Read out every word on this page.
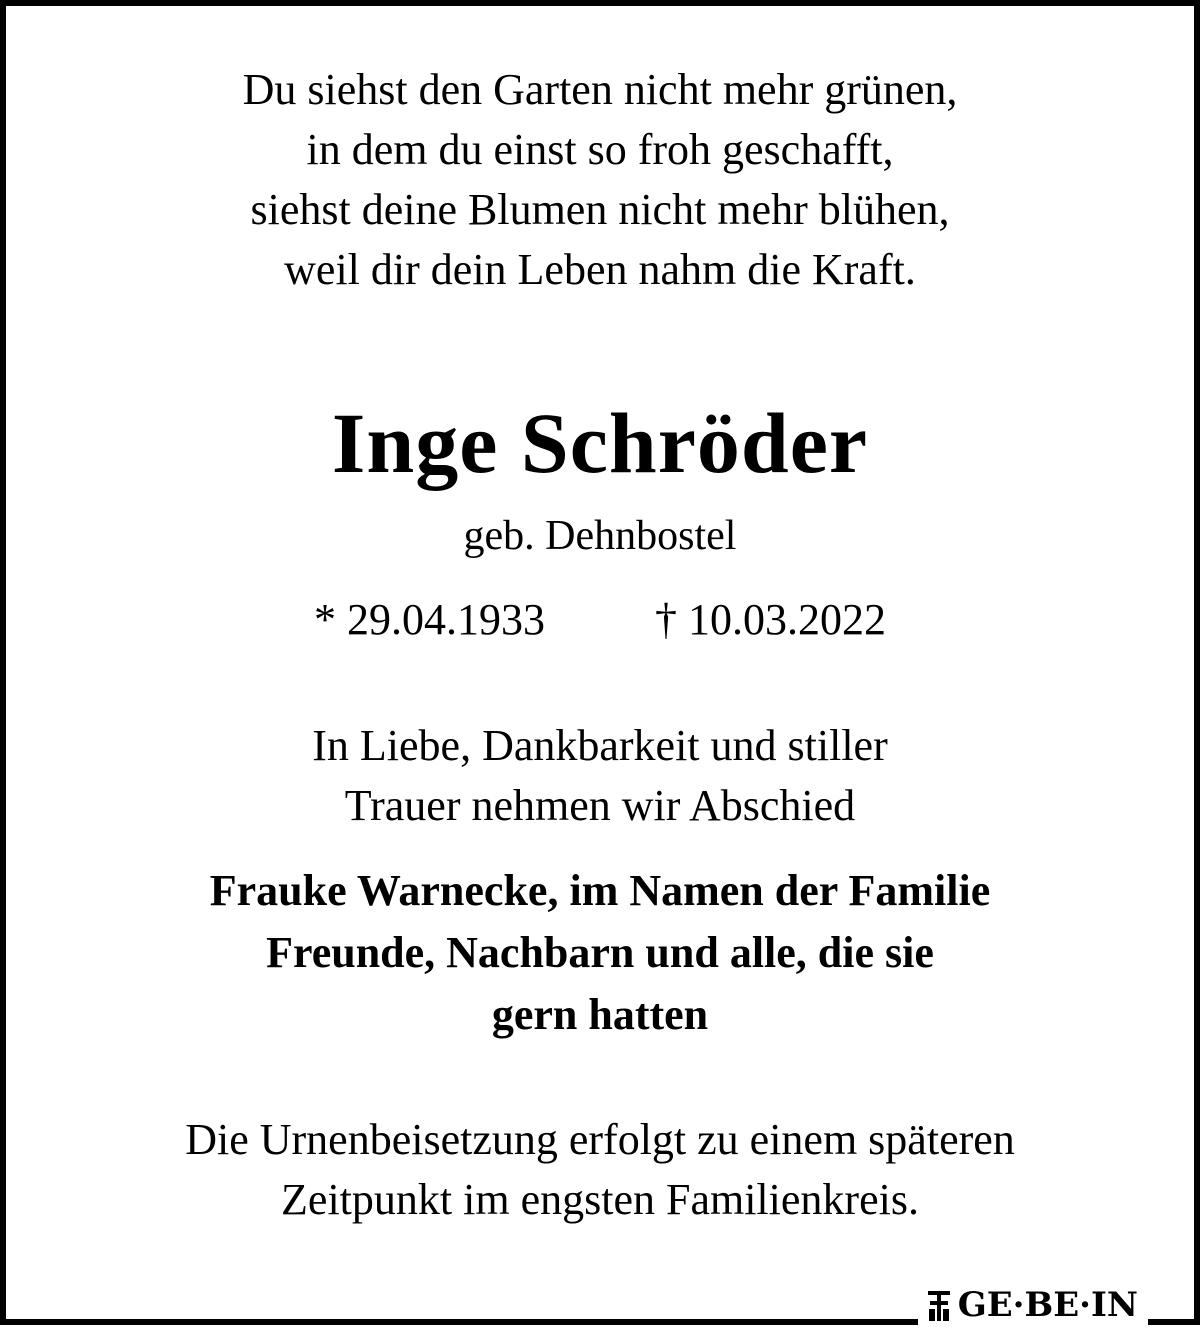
Du siehst den Garten nicht mehr grünen,
in dem du einst so froh geschafft,
siehst deine Blumen nicht mehr blühen,
weil dir dein Leben nahm die Kraft.
Inge Schröder
geb. Dehnbostel
* 29.04.1933	† 10.03.2022
In Liebe, Dankbarkeit und stiller
Trauer nehmen wir Abschied
Frauke Warnecke, im Namen der Familie
Freunde, Nachbarn und alle, die sie
gern hatten
Die Urnenbeisetzung erfolgt zu einem späteren
Zeitpunkt im engsten Familienkreis.
GE·BE·IN
